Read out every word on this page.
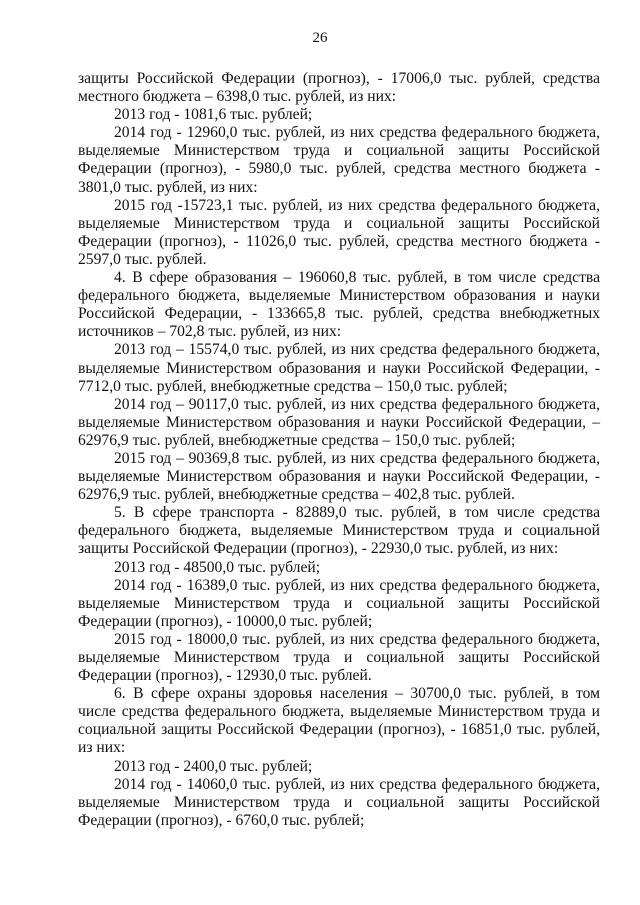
26

защиты Российской Федерации (прогноз), - 17006,0 тыс. рублей, средства местного бюджета – 6398,0 тыс. рублей, из них:

2013 год - 1081,6 тыс. рублей;

2014 год - 12960,0 тыс. рублей, из них средства федерального бюджета, выделяемые Министерством труда и социальной защиты Российской Федерации (прогноз), - 5980,0 тыс. рублей, средства местного бюджета - 3801,0 тыс. рублей, из них:

2015 год -15723,1 тыс. рублей, из них средства федерального бюджета, выделяемые Министерством труда и социальной защиты Российской Федерации (прогноз), - 11026,0 тыс. рублей, средства местного бюджета - 2597,0 тыс. рублей.

4. В сфере образования – 196060,8 тыс. рублей, в том числе средства федерального бюджета, выделяемые Министерством образования и науки Российской Федерации, - 133665,8 тыс. рублей, средства внебюджетных источников – 702,8 тыс. рублей, из них:

2013 год – 15574,0 тыс. рублей, из них средства федерального бюджета, выделяемые Министерством образования и науки Российской Федерации, - 7712,0 тыс. рублей, внебюджетные средства – 150,0 тыс. рублей;

2014 год – 90117,0 тыс. рублей, из них средства федерального бюджета, выделяемые Министерством образования и науки Российской Федерации, – 62976,9 тыс. рублей, внебюджетные средства – 150,0 тыс. рублей;

2015 год – 90369,8 тыс. рублей, из них средства федерального бюджета, выделяемые Министерством образования и науки Российской Федерации, - 62976,9 тыс. рублей, внебюджетные средства – 402,8 тыс. рублей.

5. В сфере транспорта - 82889,0 тыс. рублей, в том числе средства федерального бюджета, выделяемые Министерством труда и социальной защиты Российской Федерации (прогноз), - 22930,0 тыс. рублей, из них:

2013 год - 48500,0 тыс. рублей;

2014 год - 16389,0 тыс. рублей, из них средства федерального бюджета, выделяемые Министерством труда и социальной защиты Российской Федерации (прогноз), - 10000,0 тыс. рублей;

2015 год - 18000,0 тыс. рублей, из них средства федерального бюджета, выделяемые Министерством труда и социальной защиты Российской Федерации (прогноз), - 12930,0 тыс. рублей.

6. В сфере охраны здоровья населения – 30700,0 тыс. рублей, в том числе средства федерального бюджета, выделяемые Министерством труда и социальной защиты Российской Федерации (прогноз), - 16851,0 тыс. рублей, из них:

2013 год - 2400,0 тыс. рублей;

2014 год - 14060,0 тыс. рублей, из них средства федерального бюджета, выделяемые Министерством труда и социальной защиты Российской Федерации (прогноз), - 6760,0 тыс. рублей;
